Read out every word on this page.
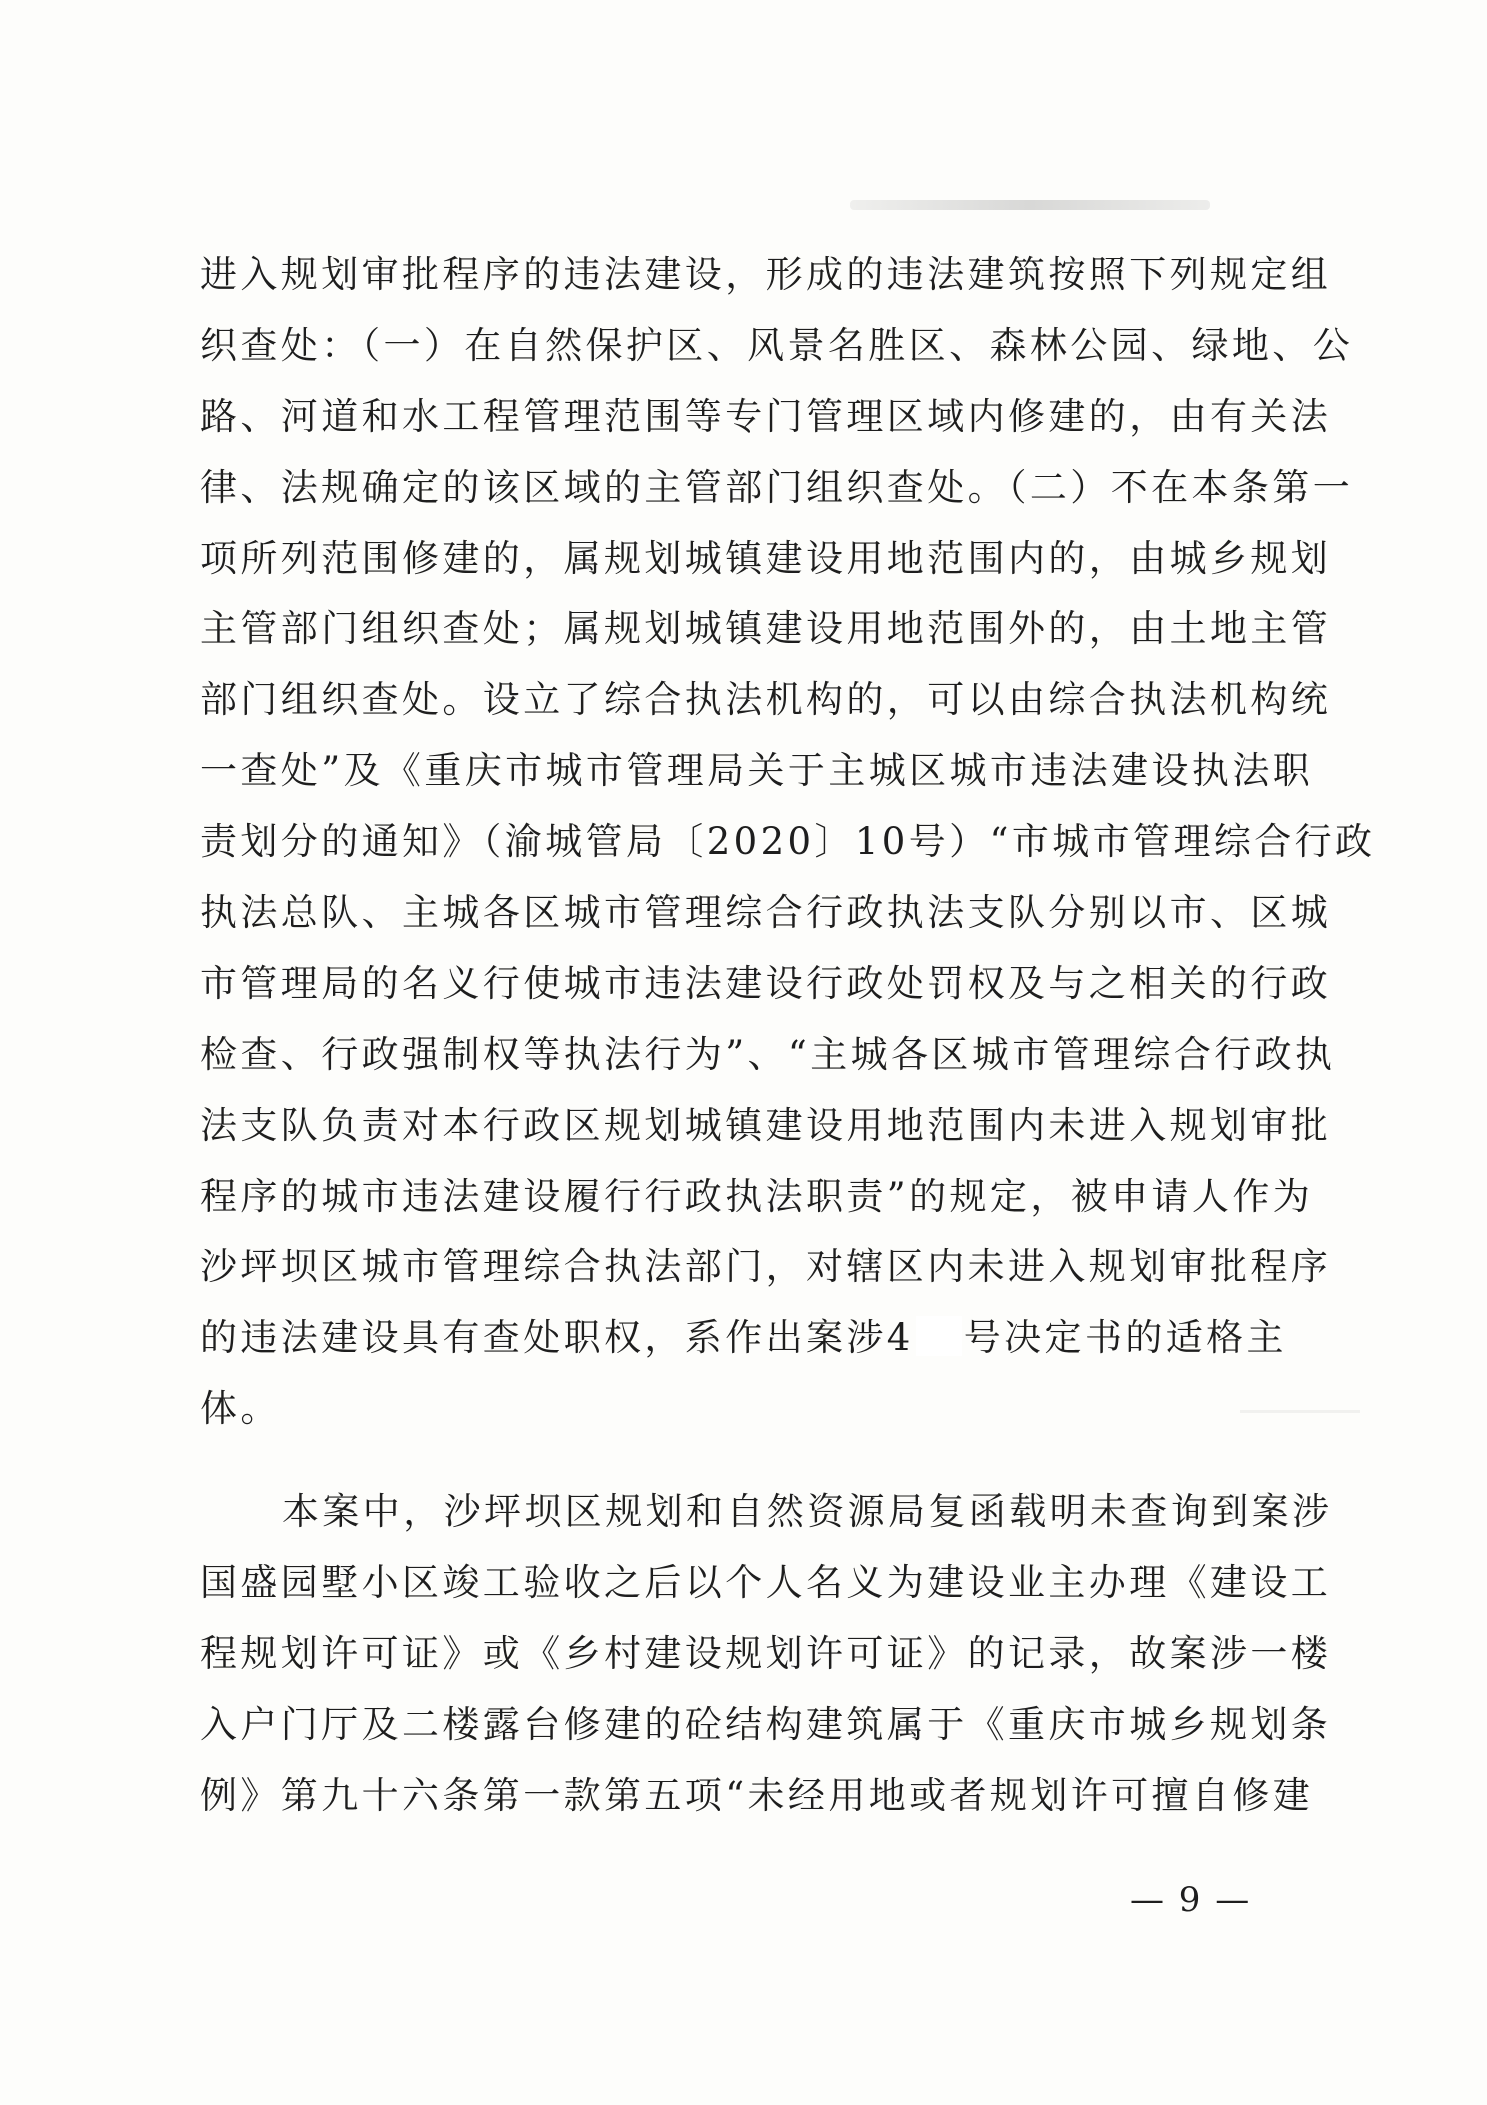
进入规划审批程序的违法建设，形成的违法建筑按照下列规定组
织查处：（一）在自然保护区、风景名胜区、森林公园、绿地、公
路、河道和水工程管理范围等专门管理区域内修建的，由有关法
律、法规确定的该区域的主管部门组织查处。（二）不在本条第一
项所列范围修建的，属规划城镇建设用地范围内的，由城乡规划
主管部门组织查处；属规划城镇建设用地范围外的，由土地主管
部门组织查处。设立了综合执法机构的，可以由综合执法机构统
一查处”及《重庆市城市管理局关于主城区城市违法建设执法职
责划分的通知》（渝城管局〔2020〕10号）“市城市管理综合行政
执法总队、主城各区城市管理综合行政执法支队分别以市、区城
市管理局的名义行使城市违法建设行政处罚权及与之相关的行政
检查、行政强制权等执法行为”、“主城各区城市管理综合行政执
法支队负责对本行政区规划城镇建设用地范围内未进入规划审批
程序的城市违法建设履行行政执法职责”的规定，被申请人作为
沙坪坝区城市管理综合执法部门，对辖区内未进入规划审批程序
的违法建设具有查处职权，系作出案涉4 号决定书的适格主
体。
本案中，沙坪坝区规划和自然资源局复函载明未查询到案涉
国盛园墅小区竣工验收之后以个人名义为建设业主办理《建设工
程规划许可证》或《乡村建设规划许可证》的记录，故案涉一楼
入户门厅及二楼露台修建的砼结构建筑属于《重庆市城乡规划条
例》第九十六条第一款第五项“未经用地或者规划许可擅自修建
— 9 —
